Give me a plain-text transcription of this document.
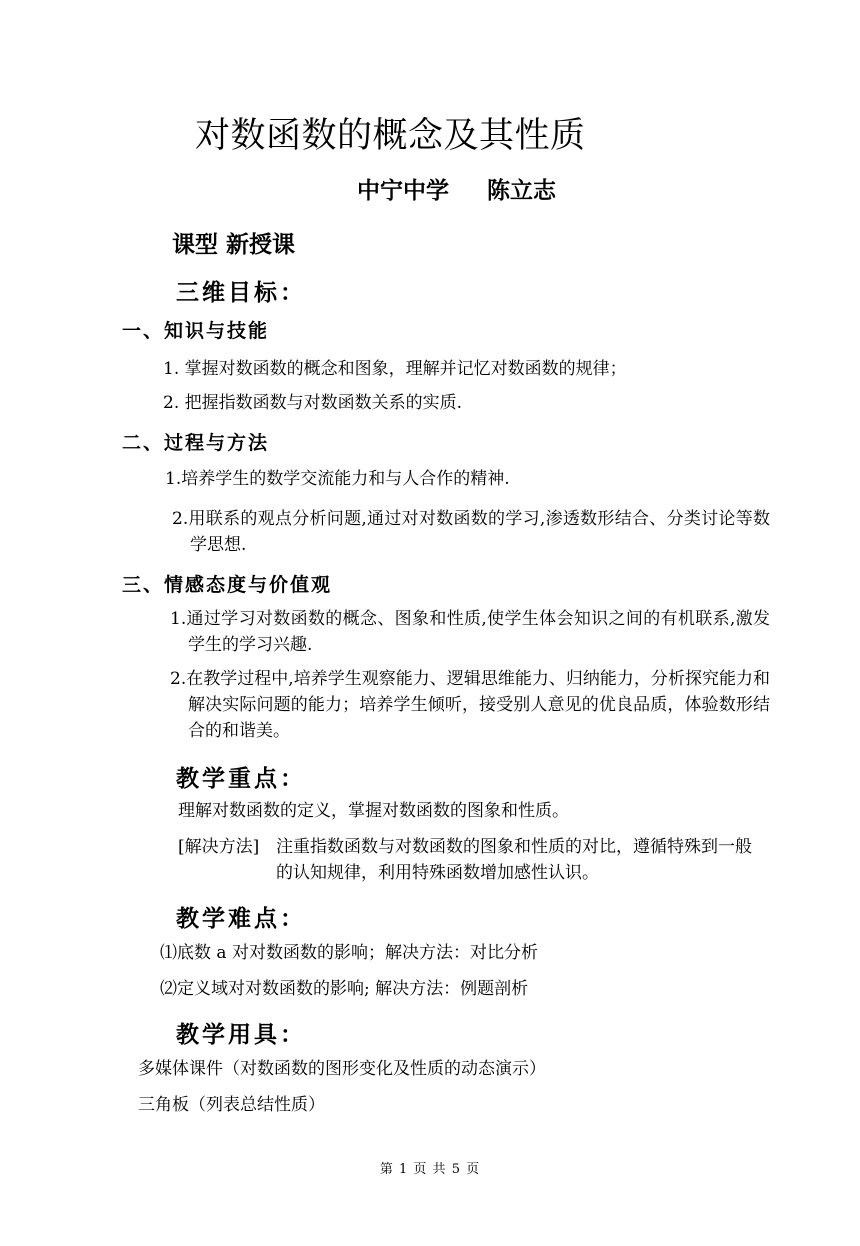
对数函数的概念及其性质
中宁中学 陈立志
课型 新授课
三维目标：
一、知识与技能
1. 掌握对数函数的概念和图象，理解并记忆对数函数的规律；
2. 把握指数函数与对数函数关系的实质.
二、过程与方法
1.培养学生的数学交流能力和与人合作的精神.
2.用联系的观点分析问题,通过对对数函数的学习,渗透数形结合、分类讨论等数学思想.
三、情感态度与价值观
1.通过学习对数函数的概念、图象和性质,使学生体会知识之间的有机联系,激发学生的学习兴趣.
2.在教学过程中,培养学生观察能力、逻辑思维能力、归纳能力，分析探究能力和解决实际问题的能力；培养学生倾听，接受别人意见的优良品质，体验数形结合的和谐美。
教学重点：
理解对数函数的定义，掌握对数函数的图象和性质。
[解决方法] 注重指数函数与对数函数的图象和性质的对比，遵循特殊到一般的认知规律，利用特殊函数增加感性认识。
教学难点：
⑴底数 a 对对数函数的影响；解决方法：对比分析
⑵定义域对对数函数的影响; 解决方法：例题剖析
教学用具：
多媒体课件（对数函数的图形变化及性质的动态演示）
三角板（列表总结性质）
第 1 页 共 5 页
